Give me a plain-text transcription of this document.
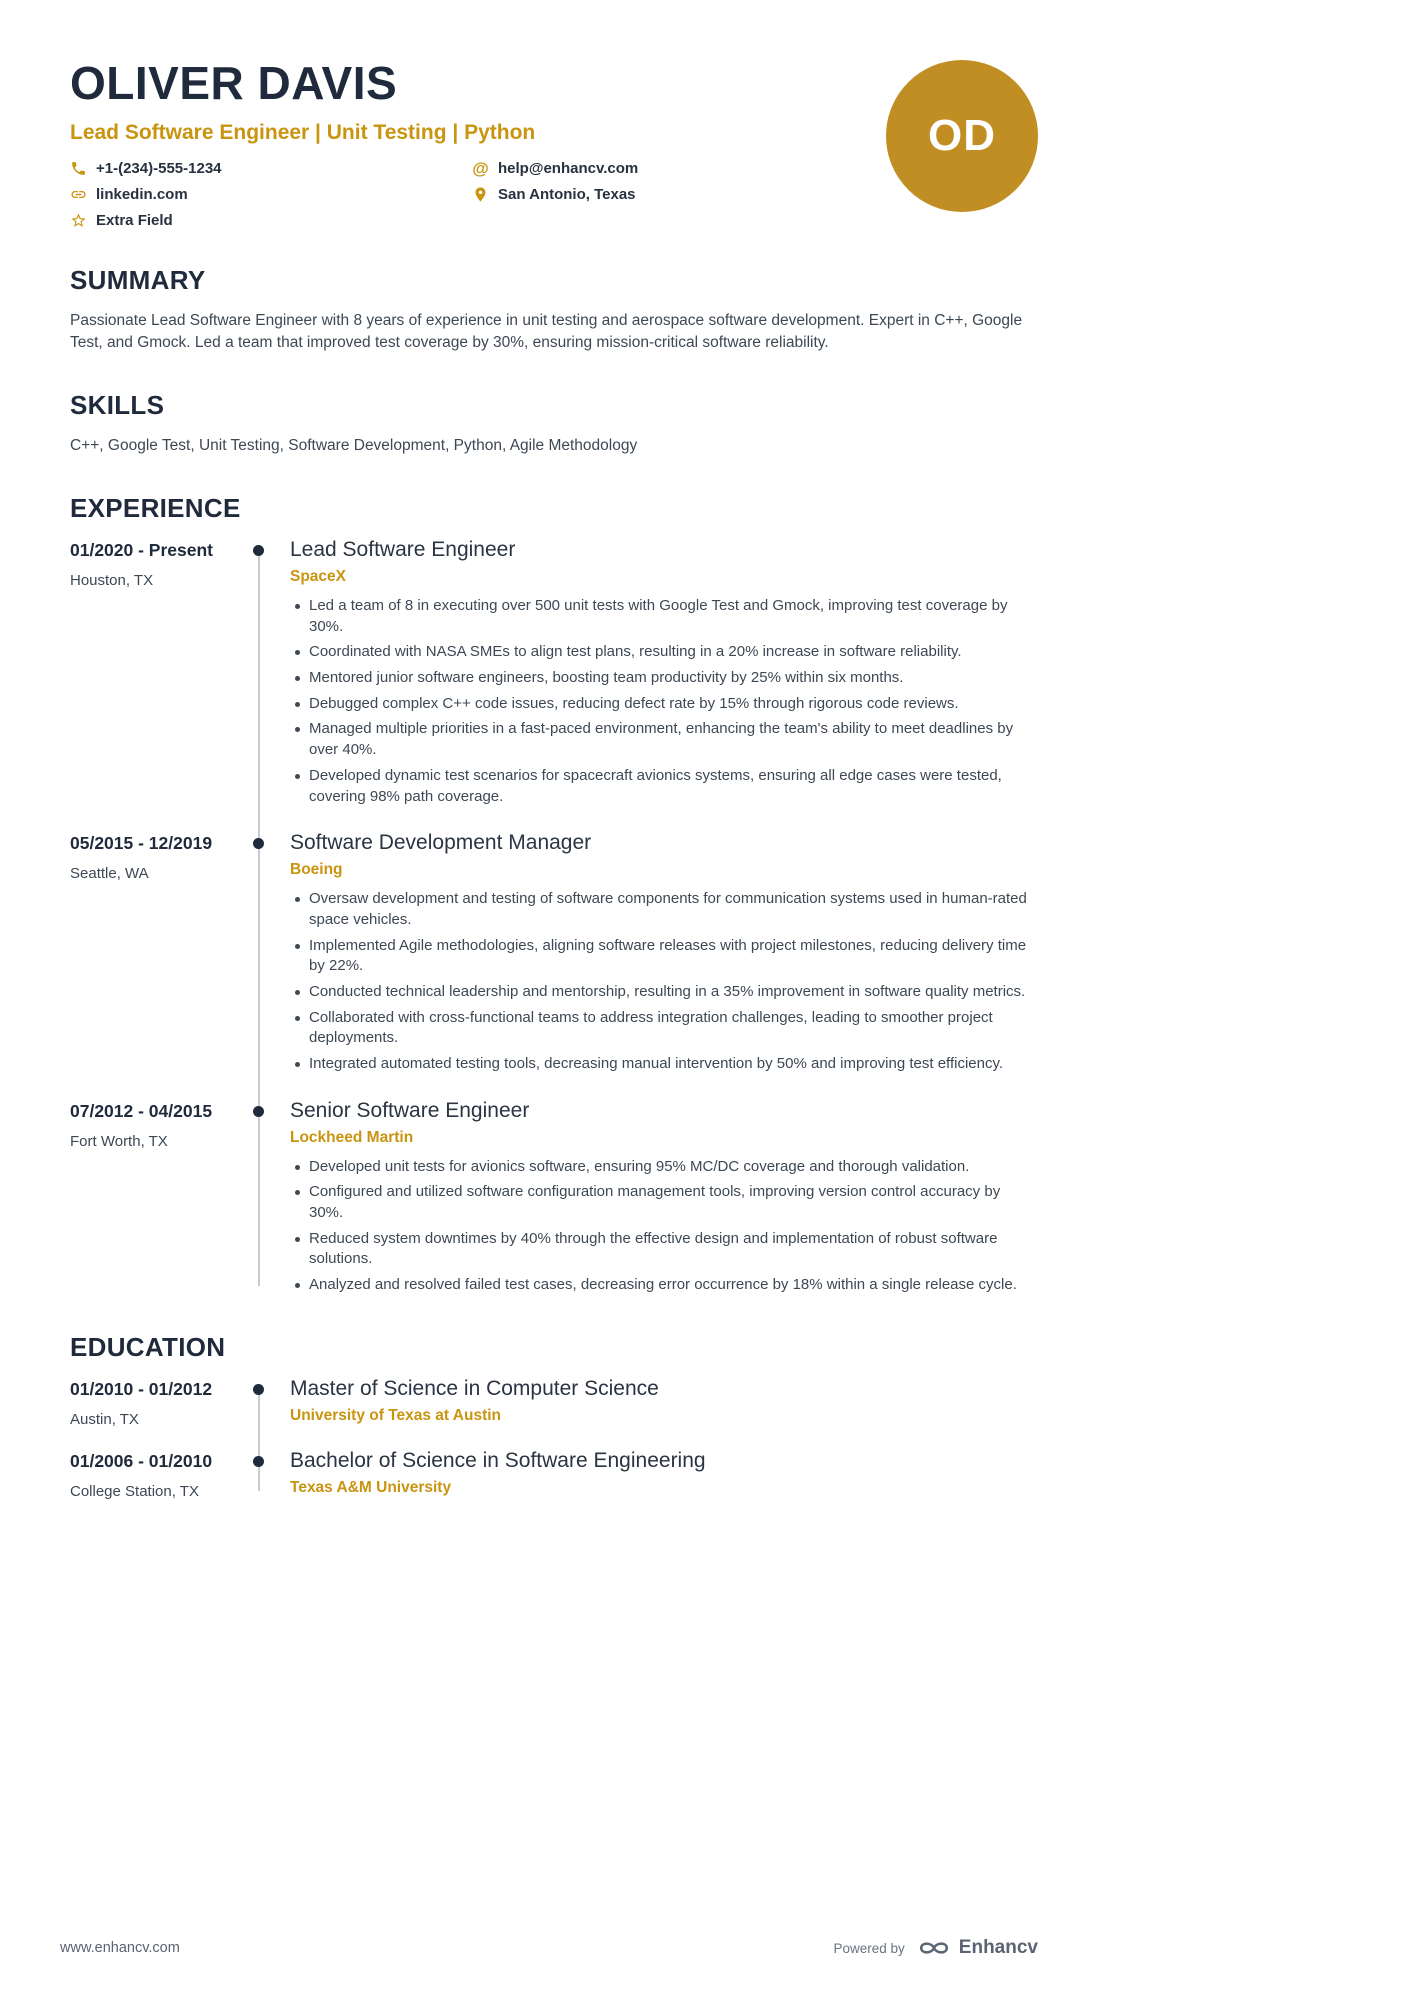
OLIVER DAVIS
Lead Software Engineer | Unit Testing | Python
+1-(234)-555-1234	@ help@enhancv.com
linkedin.com	San Antonio, Texas
Extra Field
OD
SUMMARY

Passionate Lead Software Engineer with 8 years of experience in unit testing and aerospace software development. Expert in C++, Google Test, and Gmock. Led a team that improved test coverage by 30%, ensuring mission-critical software reliability.

SKILLS

C++, Google Test, Unit Testing, Software Development, Python, Agile Methodology

EXPERIENCE
01/2020 - Present
Houston, TX
Lead Software Engineer
SpaceX
Led a team of 8 in executing over 500 unit tests with Google Test and Gmock, improving test coverage by 30%.
Coordinated with NASA SMEs to align test plans, resulting in a 20% increase in software reliability.
Mentored junior software engineers, boosting team productivity by 25% within six months.
Debugged complex C++ code issues, reducing defect rate by 15% through rigorous code reviews.
Managed multiple priorities in a fast-paced environment, enhancing the team's ability to meet deadlines by over 40%.
Developed dynamic test scenarios for spacecraft avionics systems, ensuring all edge cases were tested, covering 98% path coverage.
05/2015 - 12/2019
Seattle, WA
Software Development Manager
Boeing
Oversaw development and testing of software components for communication systems used in human-rated space vehicles.
Implemented Agile methodologies, aligning software releases with project milestones, reducing delivery time by 22%.
Conducted technical leadership and mentorship, resulting in a 35% improvement in software quality metrics.
Collaborated with cross-functional teams to address integration challenges, leading to smoother project deployments.
Integrated automated testing tools, decreasing manual intervention by 50% and improving test efficiency.
07/2012 - 04/2015
Fort Worth, TX
Senior Software Engineer
Lockheed Martin
Developed unit tests for avionics software, ensuring 95% MC/DC coverage and thorough validation.
Configured and utilized software configuration management tools, improving version control accuracy by 30%.
Reduced system downtimes by 40% through the effective design and implementation of robust software solutions.
Analyzed and resolved failed test cases, decreasing error occurrence by 18% within a single release cycle.
EDUCATION
01/2010 - 01/2012
Austin, TX
Master of Science in Computer Science
University of Texas at Austin
01/2006 - 01/2010
College Station, TX
Bachelor of Science in Software Engineering
Texas A&M University
www.enhancv.com	Powered by	Enhancv
